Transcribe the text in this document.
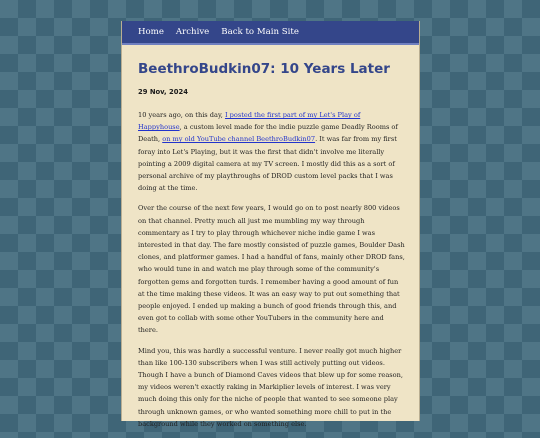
Home Archive Back to Main Site
BeethroBudkin07: 10 Years Later
29 Nov, 2024

10 years ago, on this day, I posted the first part of my Let's Play of Happyhouse, a custom level made for the indie puzzle game Deadly Rooms of Death, on my old YouTube channel BeethroBudkin07. It was far from my first foray into Let's Playing, but it was the first that didn't involve me literally pointing a 2009 digital camera at my TV screen. I mostly did this as a sort of personal archive of my playthroughs of DROD custom level packs that I was doing at the time.

Over the course of the next few years, I would go on to post nearly 800 videos on that channel. Pretty much all just me mumbling my way through commentary as I try to play through whichever niche indie game I was interested in that day. The fare mostly consisted of puzzle games, Boulder Dash clones, and platformer games. I had a handful of fans, mainly other DROD fans, who would tune in and watch me play through some of the community's forgotten gems and forgotten turds. I remember having a good amount of fun at the time making these videos. It was an easy way to put out something that people enjoyed. I ended up making a bunch of good friends through this, and even got to collab with some other YouTubers in the community here and there.

Mind you, this was hardly a successful venture. I never really got much higher than like 100-130 subscribers when I was still actively putting out videos. Though I have a bunch of Diamond Caves videos that blew up for some reason, my videos weren't exactly raking in Markiplier levels of interest. I was very much doing this only for the niche of people that wanted to see someone play through unknown games, or who wanted something more chill to put in the background while they worked on something else.
